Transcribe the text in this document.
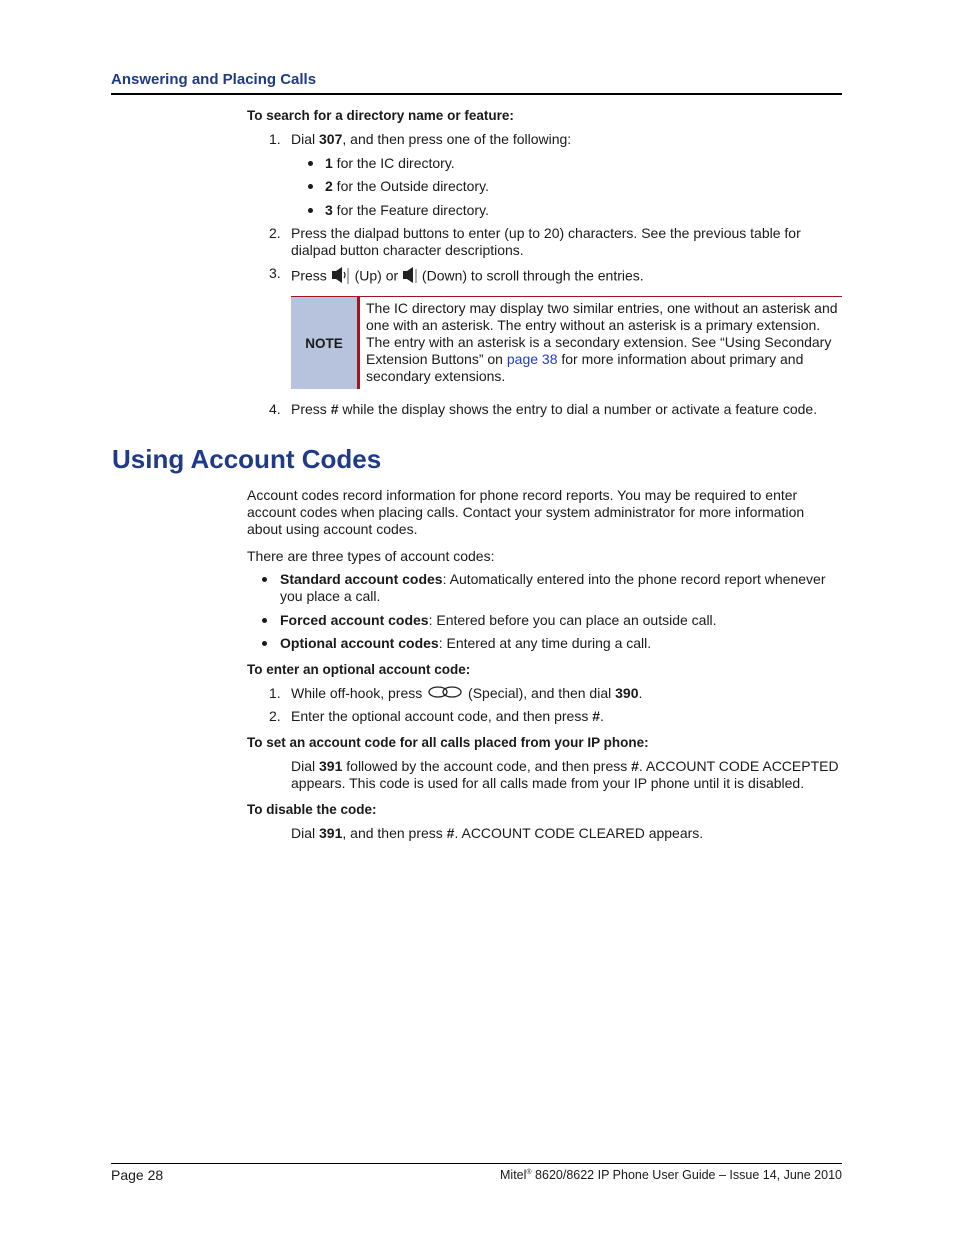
Answering and Placing Calls
To search for a directory name or feature:
1. Dial 307, and then press one of the following:
1 for the IC directory.
2 for the Outside directory.
3 for the Feature directory.
2. Press the dialpad buttons to enter (up to 20) characters. See the previous table for
dialpad button character descriptions.
3. Press  (Up) or  (Down) to scroll through the entries.
NOTE
The IC directory may display two similar entries, one without an asterisk and one with an asterisk. The entry without an asterisk is a primary extension. The entry with an asterisk is a secondary extension. See “Using Secondary Extension Buttons” on page 38 for more information about primary and secondary extensions.
4. Press # while the display shows the entry to dial a number or activate a feature code.
Using Account Codes
Account codes record information for phone record reports. You may be required to enter account codes when placing calls. Contact your system administrator for more information about using account codes.
There are three types of account codes:
Standard account codes: Automatically entered into the phone record report whenever you place a call.
Forced account codes: Entered before you can place an outside call.
Optional account codes: Entered at any time during a call.
To enter an optional account code:
1. While off-hook, press	(Special), and then dial 390.
2. Enter the optional account code, and then press #.
To set an account code for all calls placed from your IP phone:
Dial 391 followed by the account code, and then press #. ACCOUNT CODE ACCEPTED appears. This code is used for all calls made from your IP phone until it is disabled.
To disable the code:
Dial 391, and then press #. ACCOUNT CODE CLEARED appears.
Page 28	Mitel® 8620/8622 IP Phone User Guide – Issue 14, June 2010
